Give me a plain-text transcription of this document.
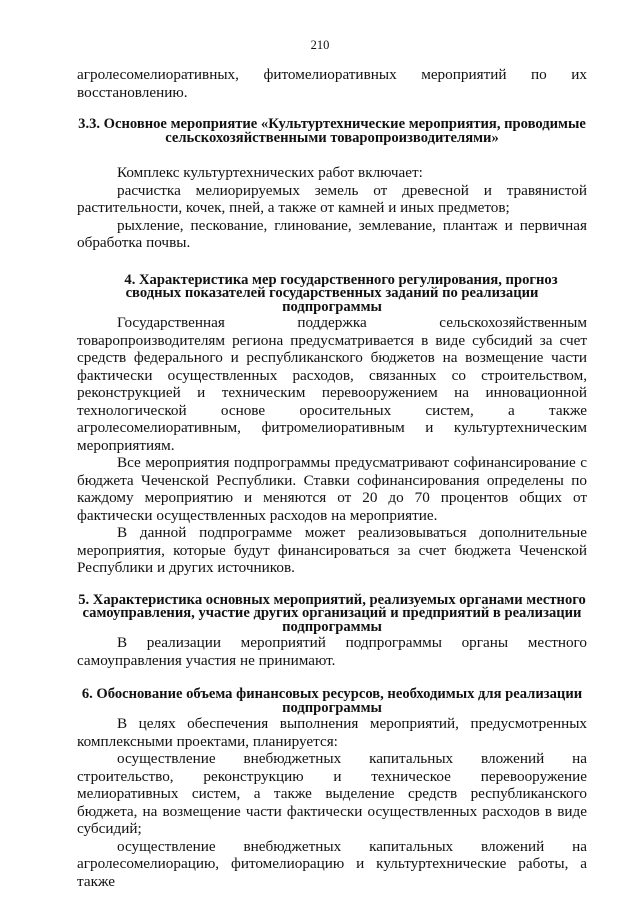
210

агролесомелиоративных, фитомелиоративных мероприятий по их восстановлению.

3.3. Основное мероприятие «Культуртехнические мероприятия, проводимые сельскохозяйственными товаропроизводителями»

Комплекс культуртехнических работ включает:

расчистка мелиорируемых земель от древесной и травянистой растительности, кочек, пней, а также от камней и иных предметов;

рыхление, пескование, глинование, землевание, плантаж и первичная обработка почвы.

4. Характеристика мер государственного регулирования, прогноз сводных показателей государственных заданий по реализации подпрограммы

Государственная поддержка сельскохозяйственным товаропроизводителям региона предусматривается в виде субсидий за счет средств федерального и республиканского бюджетов на возмещение части фактически осуществленных расходов, связанных со строительством, реконструкцией и техническим перевооружением на инновационной технологической основе оросительных систем, а также агролесомелиоративным, фитромелиоративным и культуртехническим мероприятиям.

Все мероприятия подпрограммы предусматривают софинансирование с бюджета Чеченской Республики. Ставки софинансирования определены по каждому мероприятию и меняются от 20 до 70 процентов общих от фактически осуществленных расходов на мероприятие.

В данной подпрограмме может реализовываться дополнительные мероприятия, которые будут финансироваться за счет бюджета Чеченской Республики и других источников.

5. Характеристика основных мероприятий, реализуемых органами местного самоуправления, участие других организаций и предприятий в реализации подпрограммы

В реализации мероприятий подпрограммы органы местного самоуправления участия не принимают.

6. Обоснование объема финансовых ресурсов, необходимых для реализации подпрограммы

В целях обеспечения выполнения мероприятий, предусмотренных комплексными проектами, планируется:

осуществление внебюджетных капитальных вложений на строительство, реконструкцию и техническое перевооружение мелиоративных систем, а также выделение средств республиканского бюджета, на возмещение части фактически осуществленных расходов в виде субсидий;

осуществление внебюджетных капитальных вложений на агролесомелиорацию, фитомелиорацию и культуртехнические работы, а также
